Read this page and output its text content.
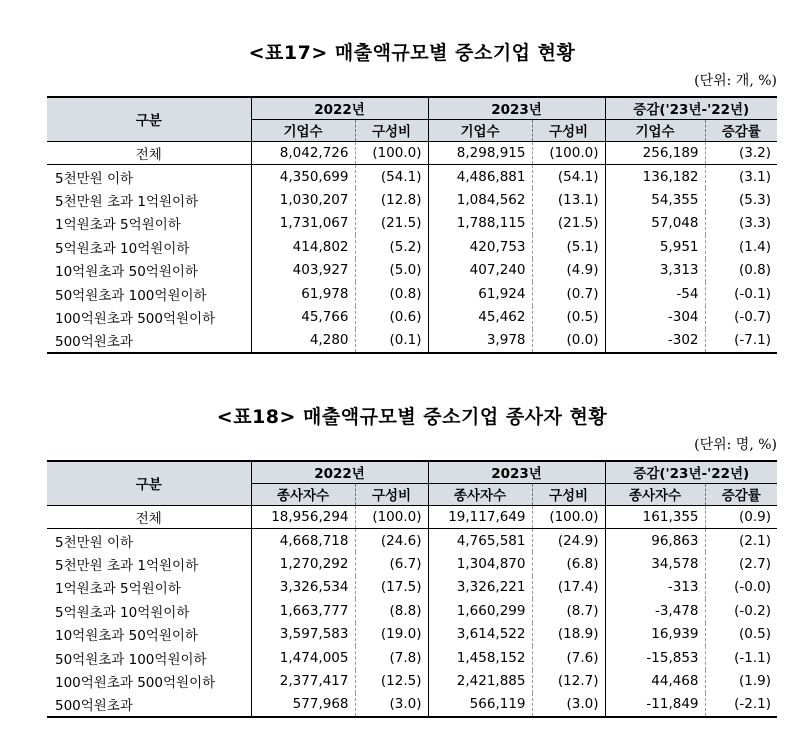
<표17> 매출액규모별 중소기업 현황
(단위: 개, %)
구분	2022년		2023년		증감('23년-'22년)	
	기업수	구성비	기업수	구성비	기업수	증감률
전체	8,042,726	(100.0)	8,298,915	(100.0)	256,189	(3.2)
5천만원 이하	4,350,699	(54.1)	4,486,881	(54.1)	136,182	(3.1)
5천만원 초과 1억원이하	1,030,207	(12.8)	1,084,562	(13.1)	54,355	(5.3)
1억원초과 5억원이하	1,731,067	(21.5)	1,788,115	(21.5)	57,048	(3.3)
5억원초과 10억원이하	414,802	(5.2)	420,753	(5.1)	5,951	(1.4)
10억원초과 50억원이하	403,927	(5.0)	407,240	(4.9)	3,313	(0.8)
50억원초과 100억원이하	61,978	(0.8)	61,924	(0.7)	-54	(-0.1)
100억원초과 500억원이하	45,766	(0.6)	45,462	(0.5)	-304	(-0.7)
500억원초과	4,280	(0.1)	3,978	(0.0)	-302	(-7.1)
<표18> 매출액규모별 중소기업 종사자 현황
(단위: 명, %)
구분	2022년		2023년		증감('23년-'22년)	
	종사자수	구성비	종사자수	구성비	종사자수	증감률
전체	18,956,294	(100.0)	19,117,649	(100.0)	161,355	(0.9)
5천만원 이하	4,668,718	(24.6)	4,765,581	(24.9)	96,863	(2.1)
5천만원 초과 1억원이하	1,270,292	(6.7)	1,304,870	(6.8)	34,578	(2.7)
1억원초과 5억원이하	3,326,534	(17.5)	3,326,221	(17.4)	-313	(-0.0)
5억원초과 10억원이하	1,663,777	(8.8)	1,660,299	(8.7)	-3,478	(-0.2)
10억원초과 50억원이하	3,597,583	(19.0)	3,614,522	(18.9)	16,939	(0.5)
50억원초과 100억원이하	1,474,005	(7.8)	1,458,152	(7.6)	-15,853	(-1.1)
100억원초과 500억원이하	2,377,417	(12.5)	2,421,885	(12.7)	44,468	(1.9)
500억원초과	577,968	(3.0)	566,119	(3.0)	-11,849	(-2.1)
